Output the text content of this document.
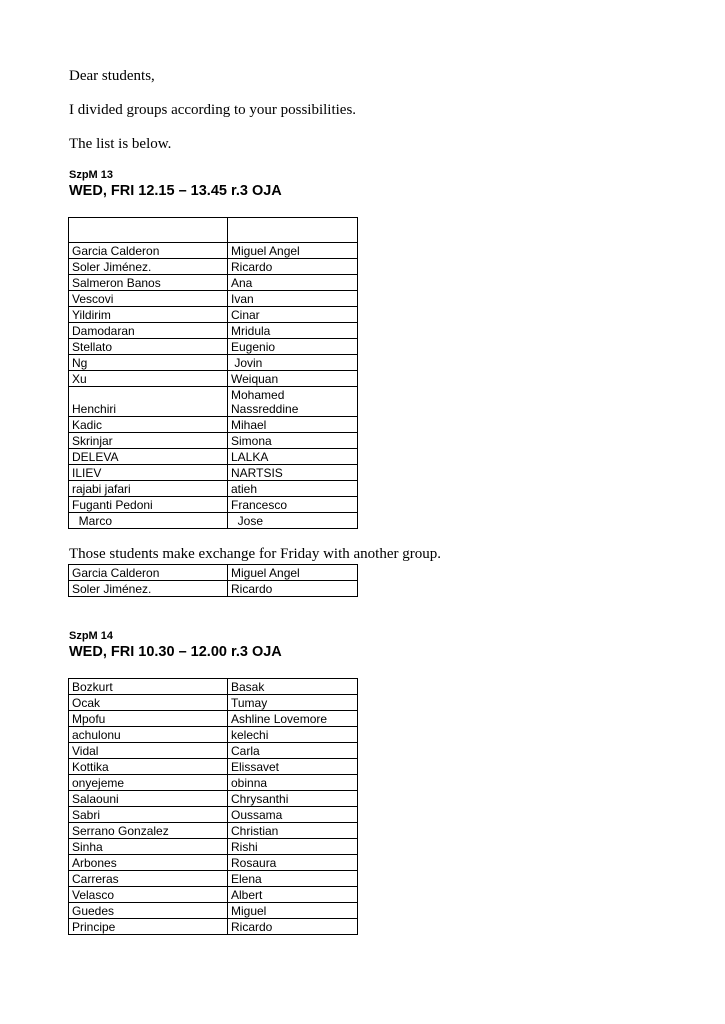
Dear students,

I divided groups according to your possibilities.

The list is below.

SzpM 13

WED, FRI 12.15 – 13.45 r.3 OJA

Garcia Calderon	Miguel Angel
Soler Jiménez.	Ricardo
Salmeron Banos	Ana
Vescovi	Ivan
Yildirim	Cinar
Damodaran	Mridula
Stellato	Eugenio
Ng	Jovin
Xu	Weiquan
Henchiri	Mohamed Nassreddine
Kadic	Mihael
Skrinjar	Simona
DELEVA	LALKA
ILIEV	NARTSIS
rajabi jafari	atieh
Fuganti Pedoni	Francesco
Marco	Jose

Those students make exchange for Friday with another group.

Garcia Calderon	Miguel Angel
Soler Jiménez.	Ricardo

SzpM 14

WED, FRI 10.30 – 12.00 r.3 OJA

Bozkurt	Basak
Ocak	Tumay
Mpofu	Ashline Lovemore
achulonu	kelechi
Vidal	Carla
Kottika	Elissavet
onyejeme	obinna
Salaouni	Chrysanthi
Sabri	Oussama
Serrano Gonzalez	Christian
Sinha	Rishi
Arbones	Rosaura
Carreras	Elena
Velasco	Albert
Guedes	Miguel
Principe	Ricardo
